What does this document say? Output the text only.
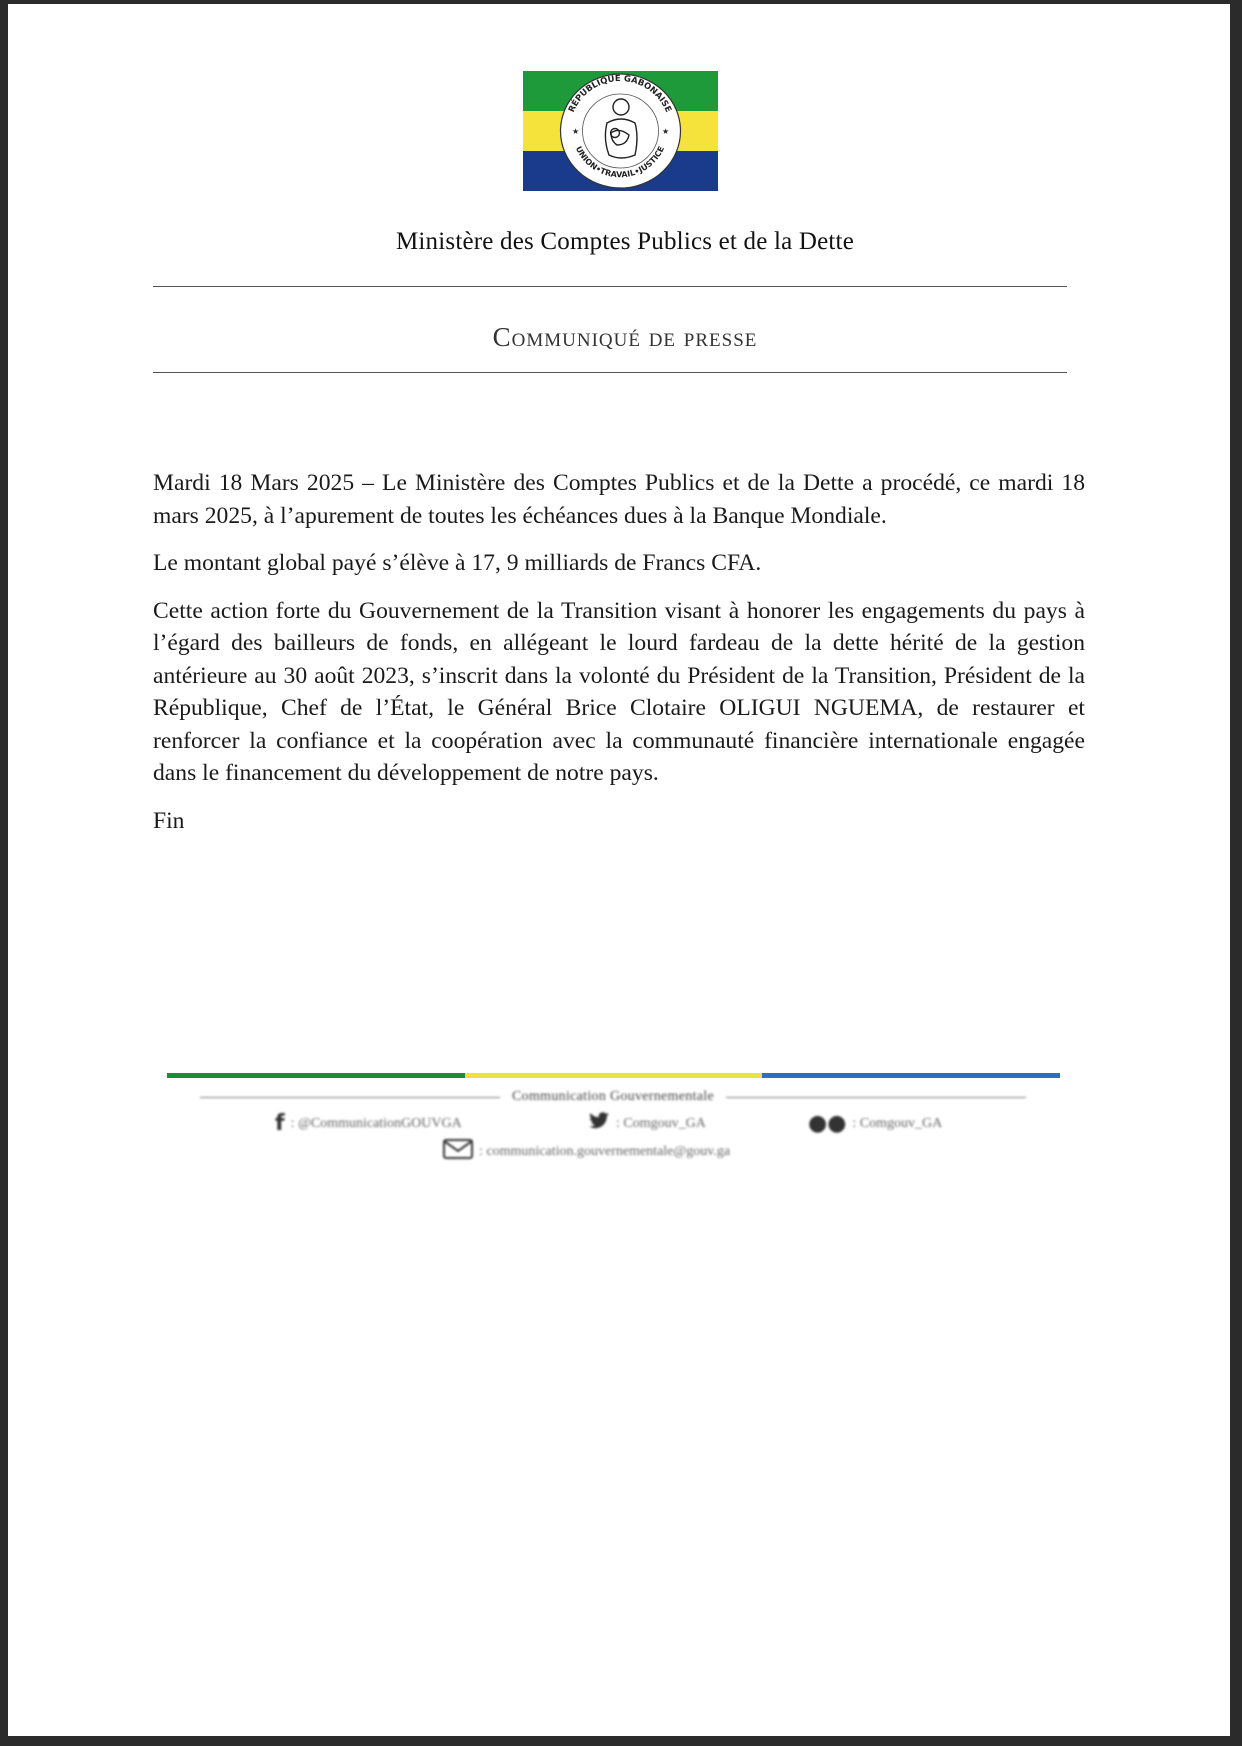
RÉPUBLIQUE GABONAISE
UNION•TRAVAIL•JUSTICE
★	★
Ministère des Comptes Publics et de la Dette
Communiqué de presse

Mardi 18 Mars 2025 – Le Ministère des Comptes Publics et de la Dette a procédé, ce mardi 18 mars 2025, à l’apurement de toutes les échéances dues à la Banque Mondiale.

Le montant global payé s’élève à 17, 9 milliards de Francs CFA.

Cette action forte du Gouvernement de la Transition visant à honorer les engagements du pays à l’égard des bailleurs de fonds, en allégeant le lourd fardeau de la dette hérité de la gestion antérieure au 30 août 2023, s’inscrit dans la volonté du Président de la Transition, Président de la République, Chef de l’État, le Général Brice Clotaire OLIGUI NGUEMA, de restaurer et renforcer la confiance et la coopération avec la communauté financière internationale engagée dans le financement du développement de notre pays.

Fin

Communication Gouvernementale
f : @CommunicationGOUVGA	: Comgouv_GA	●● : Comgouv_GA
: communication.gouvernementale@gouv.ga
